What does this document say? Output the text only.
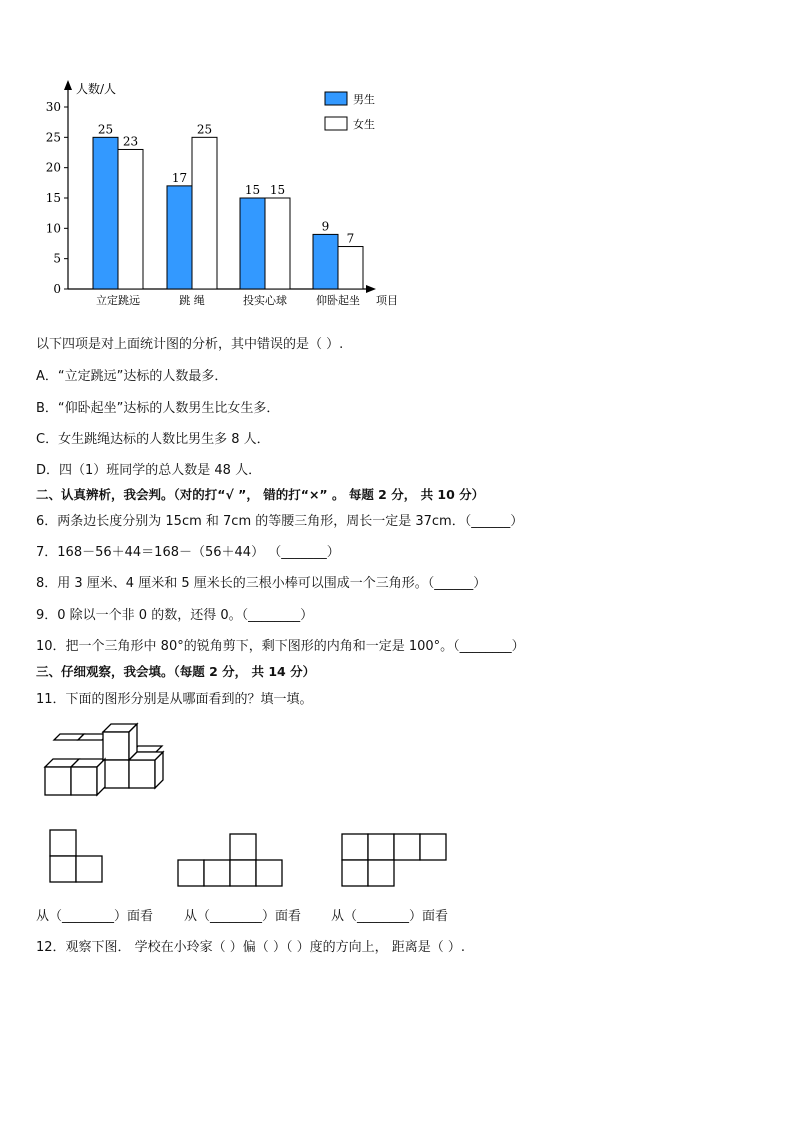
人数/人
项目
0
5
10
15
20
25
30
25
23
立定跳远
17
25
跳 绳
15 15
投实心球
9
7
仰卧起坐
男生
女生
以下四项是对上面统计图的分析，其中错误的是（ ）.
A．“立定跳远”达标的人数最多．
B．“仰卧起坐”达标的人数男生比女生多．
C．女生跳绳达标的人数比男生多 8 人．
D．四（1）班同学的总人数是 48 人．
二、认真辨析，我会判。（对的打“√ ”， 错的打“×” 。 每题 2 分， 共 10 分）
6．两条边长度分别为 15cm 和 7cm 的等腰三角形，周长一定是 37cm．（______）
7．168－56＋44＝168－（56＋44） （_______）
8．用 3 厘米、4 厘米和 5 厘米长的三根小棒可以围成一个三角形。（______）
9．0 除以一个非 0 的数，还得 0。（________）
10．把一个三角形中 80°的锐角剪下，剩下图形的内角和一定是 100°。（________）
三、仔细观察，我会填。（每题 2 分， 共 14 分）
11．下面的图形分别是从哪面看到的？填一填。
从（________）面看 从（________）面看 从（________）面看
12．观察下图． 学校在小玲家（ ）偏（ ）（ ）度的方向上， 距离是（ ）.
